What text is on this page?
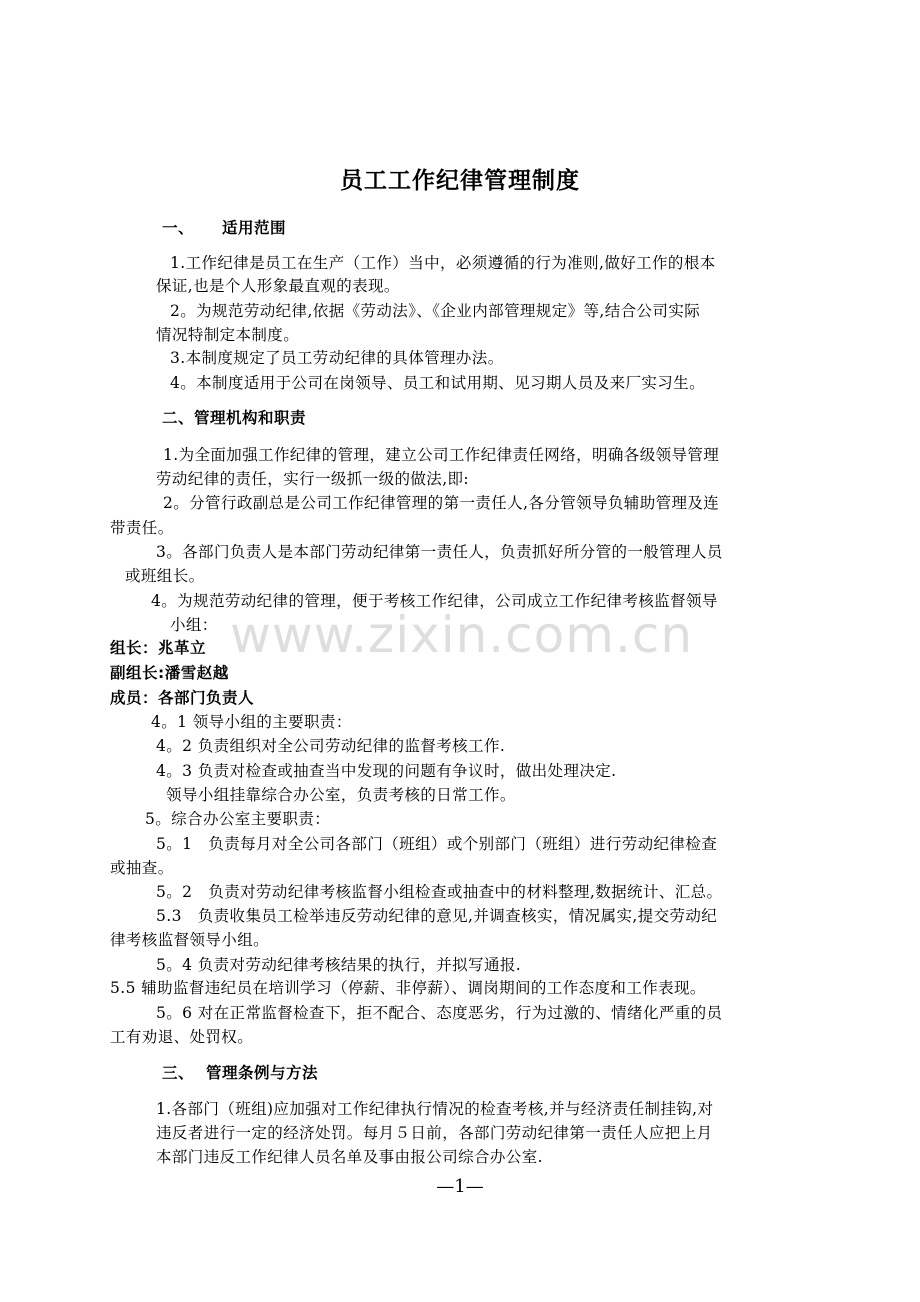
员工工作纪律管理制度
一、 适用范围
1.工作纪律是员工在生产（工作）当中，必须遵循的行为准则,做好工作的根本
保证,也是个人形象最直观的表现。
2。为规范劳动纪律,依据《劳动法》、《企业内部管理规定》等,结合公司实际
情况特制定本制度。
3.本制度规定了员工劳动纪律的具体管理办法。
4。本制度适用于公司在岗领导、员工和试用期、见习期人员及来厂实习生。
二、管理机构和职责
1.为全面加强工作纪律的管理，建立公司工作纪律责任网络，明确各级领导管理
劳动纪律的责任，实行一级抓一级的做法,即:
2。分管行政副总是公司工作纪律管理的第一责任人,各分管领导负辅助管理及连
带责任。
3。各部门负责人是本部门劳动纪律第一责任人，负责抓好所分管的一般管理人员
或班组长。
4。为规范劳动纪律的管理，便于考核工作纪律，公司成立工作纪律考核监督领导
小组：
组长：兆革立
副组长:潘雪赵越
成员：各部门负责人
4。1 领导小组的主要职责：
4。2 负责组织对全公司劳动纪律的监督考核工作.
4。3 负责对检查或抽查当中发现的问题有争议时，做出处理决定.
领导小组挂靠综合办公室，负责考核的日常工作。
5。综合办公室主要职责：
5。1　负责每月对全公司各部门（班组）或个别部门（班组）进行劳动纪律检查
或抽查。
5。2　负责对劳动纪律考核监督小组检查或抽查中的材料整理,数据统计、汇总。
5.3　负责收集员工检举违反劳动纪律的意见,并调查核实，情况属实,提交劳动纪
律考核监督领导小组。
5。4 负责对劳动纪律考核结果的执行，并拟写通报.
5.5 辅助监督违纪员在培训学习（停薪、非停薪）、调岗期间的工作态度和工作表现。
5。6 对在正常监督检查下，拒不配合、态度恶劣，行为过激的、情绪化严重的员
工有劝退、处罚权。
三、 管理条例与方法
1.各部门（班组)应加强对工作纪律执行情况的检查考核,并与经济责任制挂钩,对
违反者进行一定的经济处罚。每月５日前，各部门劳动纪律第一责任人应把上月
本部门违反工作纪律人员名单及事由报公司综合办公室.
www.zixin.com.cn
—1—
